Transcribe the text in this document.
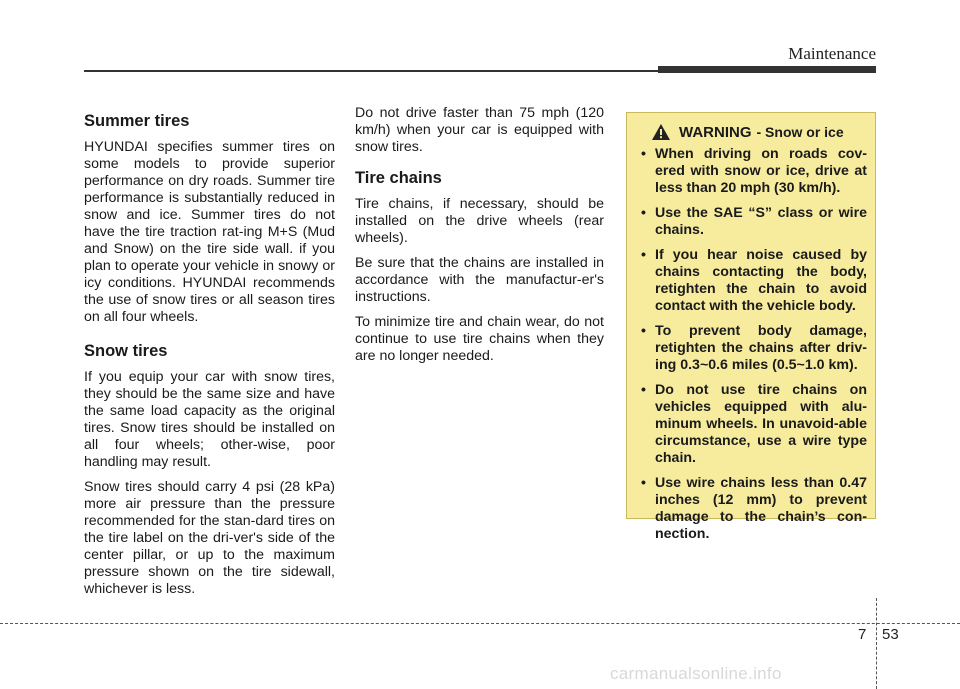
Maintenance
Summer tires

HYUNDAI specifies summer tires on some models to provide superior performance on dry roads. Summer tire performance is substantially reduced in snow and ice. Summer tires do not have the tire traction rat-ing M+S (Mud and Snow) on the tire side wall. if you plan to operate your vehicle in snowy or icy conditions. HYUNDAI recommends the use of snow tires or all season tires on all four wheels.

Snow tires

If you equip your car with snow tires, they should be the same size and have the same load capacity as the original tires. Snow tires should be installed on all four wheels; other-wise, poor handling may result.

Snow tires should carry 4 psi (28 kPa) more air pressure than the pressure recommended for the stan-dard tires on the tire label on the dri-ver's side of the center pillar, or up to the maximum pressure shown on the tire sidewall, whichever is less.

Do not drive faster than 75 mph (120 km/h) when your car is equipped with snow tires.

Tire chains

Tire chains, if necessary, should be installed on the drive wheels (rear wheels).

Be sure that the chains are installed in accordance with the manufactur-er's instructions.

To minimize tire and chain wear, do not continue to use tire chains when they are no longer needed.

WARNING - Snow or ice
• When driving on roads cov-ered with snow or ice, drive at less than 20 mph (30 km/h).
• Use the SAE “S” class or wire chains.
• If you hear noise caused by chains contacting the body, retighten the chain to avoid contact with the vehicle body.
• To prevent body damage, retighten the chains after driv-ing 0.3~0.6 miles (0.5~1.0 km).
• Do not use tire chains on vehicles equipped with alu-minum wheels. In unavoid-able circumstance, use a wire type chain.
• Use wire chains less than 0.47 inches (12 mm) to prevent damage to the chain’s con-nection.
7 53
carmanualsonline.info
